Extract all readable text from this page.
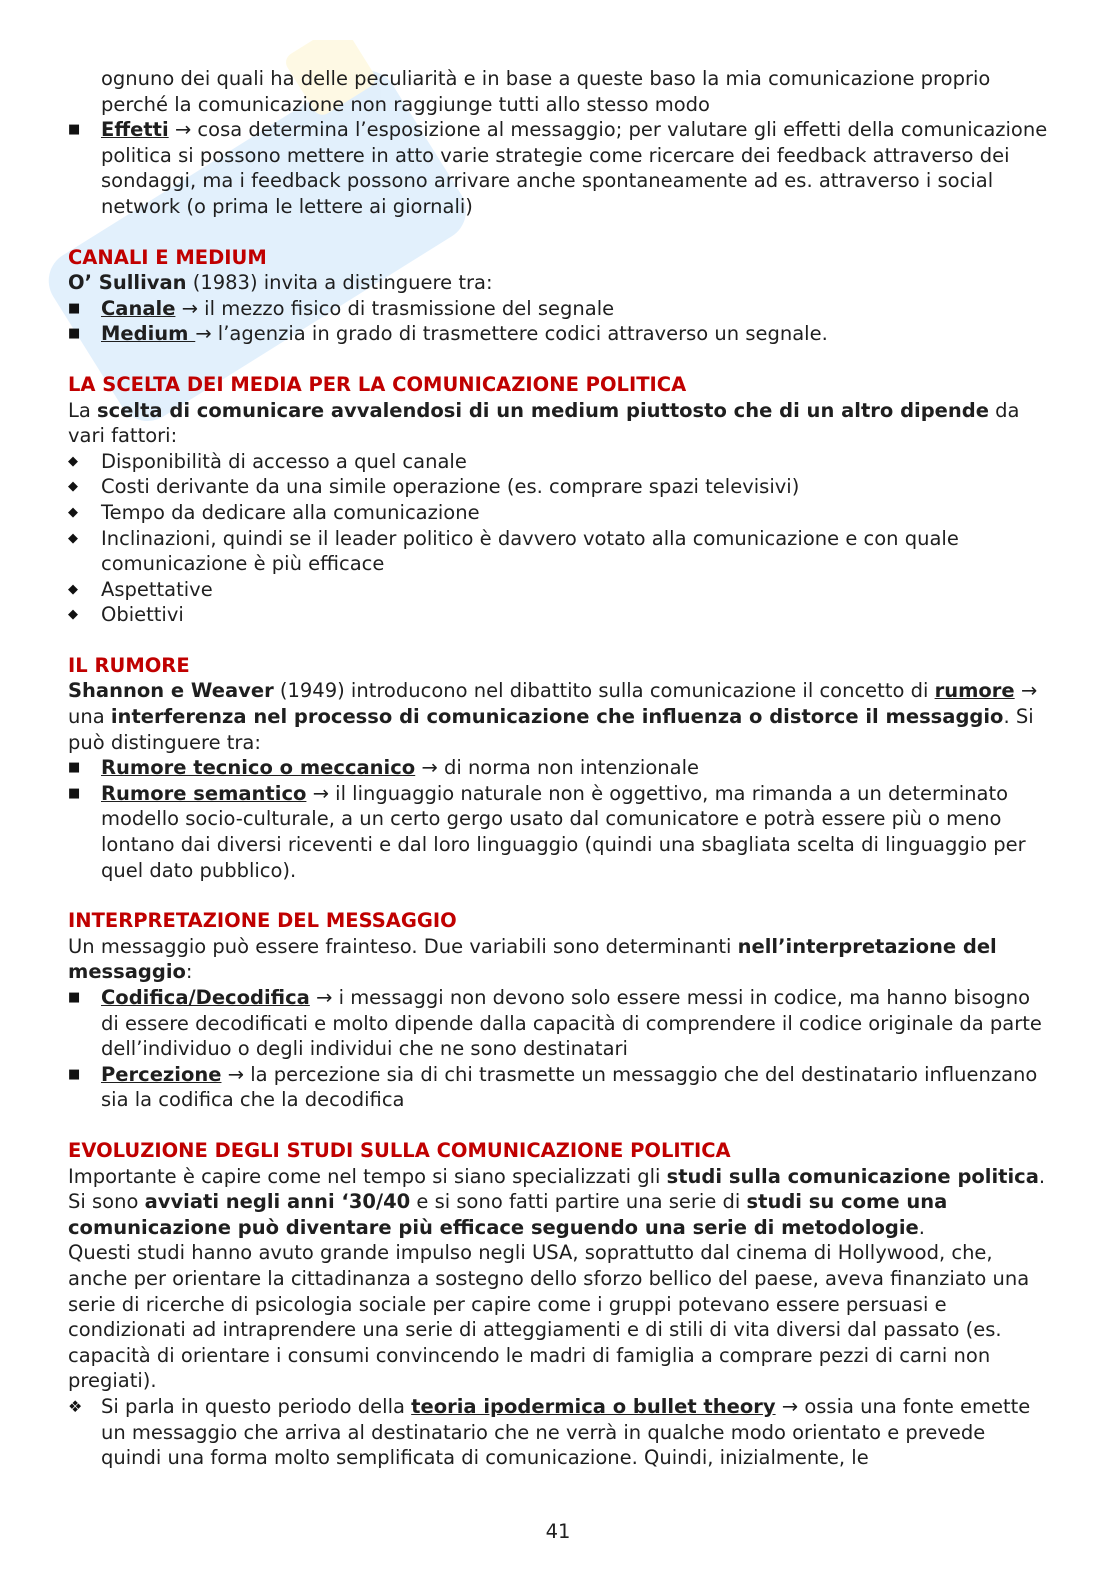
ognuno dei quali ha delle peculiarità e in base a queste baso la mia comunicazione proprio perché la comunicazione non raggiunge tutti allo stesso modo

■ Effetti → cosa determina l’esposizione al messaggio; per valutare gli effetti della comunicazione politica si possono mettere in atto varie strategie come ricercare dei feedback attraverso dei sondaggi, ma i feedback possono arrivare anche spontaneamente ad es. attraverso i social network (o prima le lettere ai giornali)
CANALI E MEDIUM

O’ Sullivan (1983) invita a distinguere tra:

■ Canale → il mezzo fisico di trasmissione del segnale
■ Medium → l’agenzia in grado di trasmettere codici attraverso un segnale.
LA SCELTA DEI MEDIA PER LA COMUNICAZIONE POLITICA

La scelta di comunicare avvalendosi di un medium piuttosto che di un altro dipende da vari fattori:

◆ Disponibilità di accesso a quel canale
◆ Costi derivante da una simile operazione (es. comprare spazi televisivi)
◆ Tempo da dedicare alla comunicazione
◆ Inclinazioni, quindi se il leader politico è davvero votato alla comunicazione e con quale comunicazione è più efficace
◆ Aspettative
◆ Obiettivi
IL RUMORE

Shannon e Weaver (1949) introducono nel dibattito sulla comunicazione il concetto di rumore → una interferenza nel processo di comunicazione che influenza o distorce il messaggio. Si può distinguere tra:

■ Rumore tecnico o meccanico → di norma non intenzionale
■ Rumore semantico → il linguaggio naturale non è oggettivo, ma rimanda a un determinato modello socio-culturale, a un certo gergo usato dal comunicatore e potrà essere più o meno lontano dai diversi riceventi e dal loro linguaggio (quindi una sbagliata scelta di linguaggio per quel dato pubblico).
INTERPRETAZIONE DEL MESSAGGIO

Un messaggio può essere frainteso. Due variabili sono determinanti nell’interpretazione del messaggio:

■ Codifica/Decodifica → i messaggi non devono solo essere messi in codice, ma hanno bisogno di essere decodificati e molto dipende dalla capacità di comprendere il codice originale da parte dell’individuo o degli individui che ne sono destinatari
■ Percezione → la percezione sia di chi trasmette un messaggio che del destinatario influenzano sia la codifica che la decodifica
EVOLUZIONE DEGLI STUDI SULLA COMUNICAZIONE POLITICA

Importante è capire come nel tempo si siano specializzati gli studi sulla comunicazione politica.

Si sono avviati negli anni ‘30/40 e si sono fatti partire una serie di studi su come una comunicazione può diventare più efficace seguendo una serie di metodologie.

Questi studi hanno avuto grande impulso negli USA, soprattutto dal cinema di Hollywood, che, anche per orientare la cittadinanza a sostegno dello sforzo bellico del paese, aveva finanziato una serie di ricerche di psicologia sociale per capire come i gruppi potevano essere persuasi e condizionati ad intraprendere una serie di atteggiamenti e di stili di vita diversi dal passato (es. capacità di orientare i consumi convincendo le madri di famiglia a comprare pezzi di carni non pregiati).

❖ Si parla in questo periodo della teoria ipodermica o bullet theory → ossia una fonte emette un messaggio che arriva al destinatario che ne verrà in qualche modo orientato e prevede quindi una forma molto semplificata di comunicazione. Quindi, inizialmente, le
41
